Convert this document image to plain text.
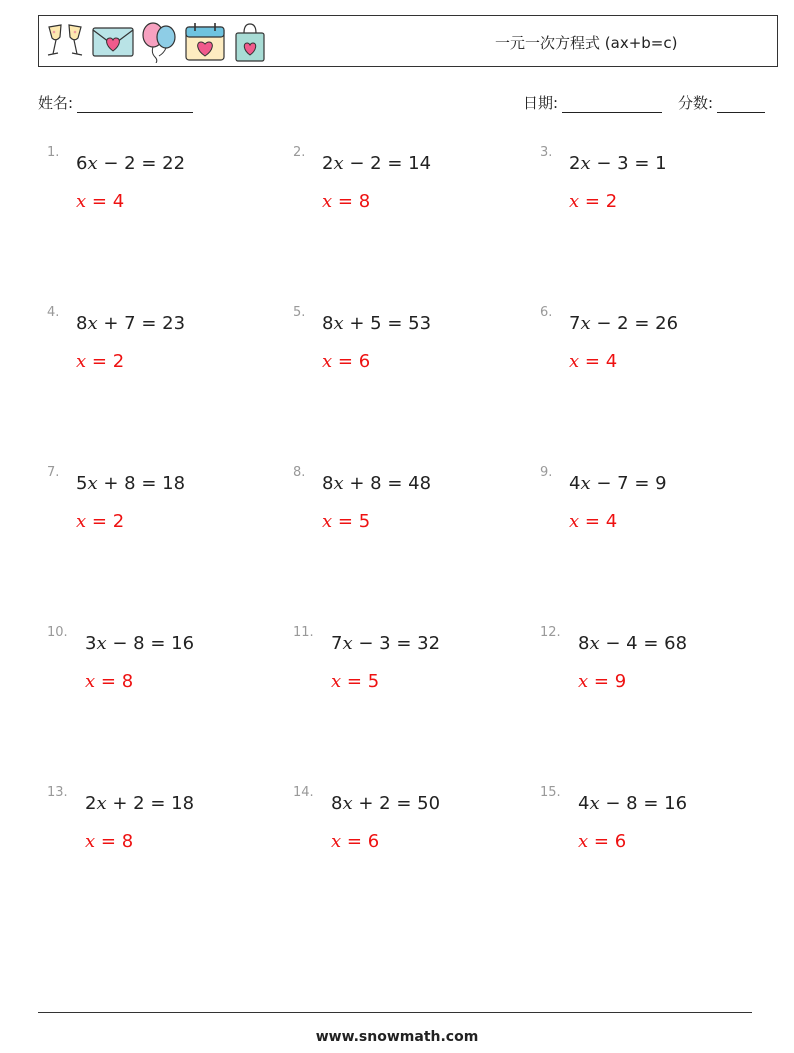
一元一次方程式 (ax+b=c)
姓名:	日期:	分数:
1.
6x − 2 = 22
x = 4
2.
2x − 2 = 14
x = 8
3.
2x − 3 = 1
x = 2
4.
8x + 7 = 23
x = 2
5.
8x + 5 = 53
x = 6
6.
7x − 2 = 26
x = 4
7.
5x + 8 = 18
x = 2
8.
8x + 8 = 48
x = 5
9.
4x − 7 = 9
x = 4
10.
3x − 8 = 16
x = 8
11.
7x − 3 = 32
x = 5
12.
8x − 4 = 68
x = 9
13.
2x + 2 = 18
x = 8
14.
8x + 2 = 50
x = 6
15.
4x − 8 = 16
x = 6
www.snowmath.com
